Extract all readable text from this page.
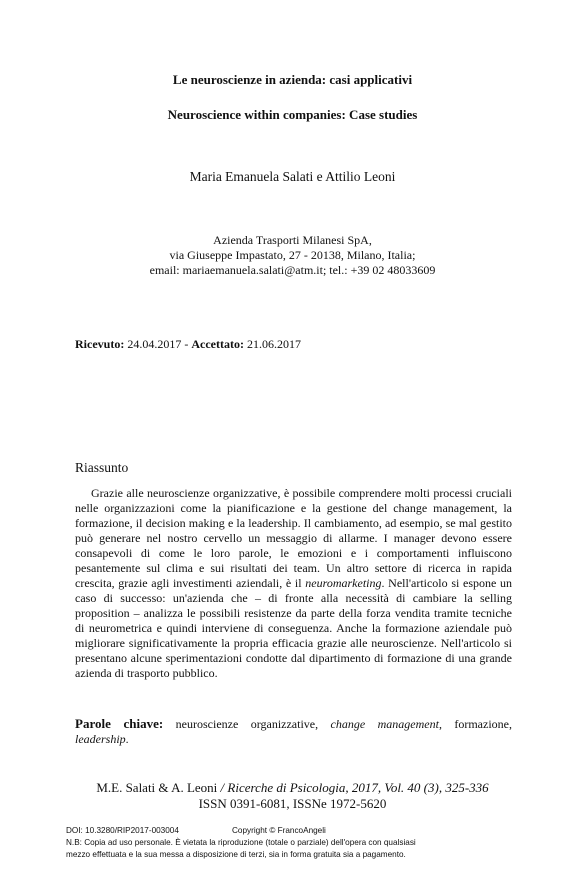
Le neuroscienze in azienda: casi applicativi
Neuroscience within companies: Case studies
Maria Emanuela Salati e Attilio Leoni
Azienda Trasporti Milanesi SpA,
via Giuseppe Impastato, 27 - 20138, Milano, Italia;
email: mariaemanuela.salati@atm.it; tel.: +39 02 48033609
Ricevuto: 24.04.2017 - Accettato: 21.06.2017
Riassunto
Grazie alle neuroscienze organizzative, è possibile comprendere molti processi cruciali nelle organizzazioni come la pianificazione e la gestione del change management, la formazione, il decision making e la leadership. Il cambiamento, ad esempio, se mal gestito può generare nel nostro cervello un messaggio di allarme. I manager devono essere consapevoli di come le loro parole, le emozioni e i comportamenti influiscono pesantemente sul clima e sui risultati dei team. Un altro settore di ricerca in rapida crescita, grazie agli investimenti aziendali, è il neuromarketing. Nell'articolo si espone un caso di successo: un'azienda che – di fronte alla necessità di cambiare la selling proposition – analizza le possibili resistenze da parte della forza vendita tramite tecniche di neurometrica e quindi interviene di conseguenza. Anche la formazione aziendale può migliorare significativamente la propria efficacia grazie alle neuroscienze. Nell'articolo si presentano alcune sperimentazioni condotte dal dipartimento di formazione di una grande azienda di trasporto pubblico.
Parole chiave: neuroscienze organizzative, change management, formazione, leadership.
M.E. Salati & A. Leoni / Ricerche di Psicologia, 2017, Vol. 40 (3), 325-336
ISSN 0391-6081, ISSNe 1972-5620
DOI: 10.3280/RIP2017-003004	Copyright © FrancoAngeli
N.B: Copia ad uso personale. È vietata la riproduzione (totale o parziale) dell'opera con qualsiasi
mezzo effettuata e la sua messa a disposizione di terzi, sia in forma gratuita sia a pagamento.
